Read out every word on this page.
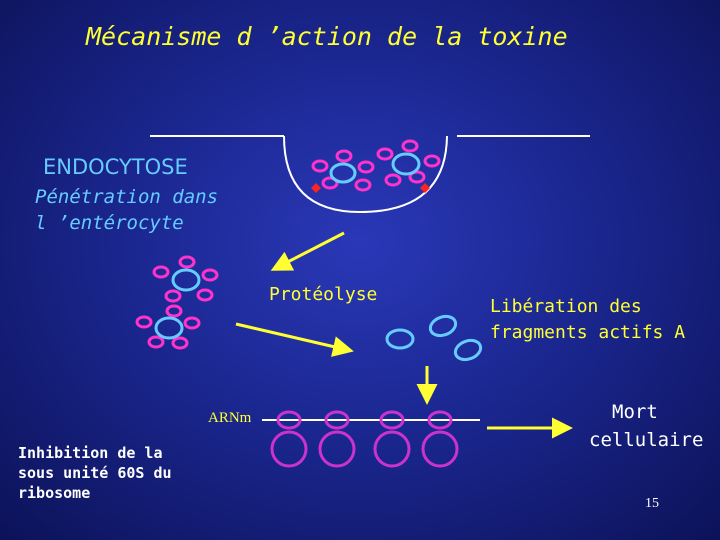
Mécanisme d ’action de la toxine
ENDOCYTOSE
Pénétration dans
l ’entérocyte
Protéolyse
Libération des
fragments actifs A
ARNm
Inhibition de la
sous unité 60S du
ribosome
Mort
cellulaire
15
